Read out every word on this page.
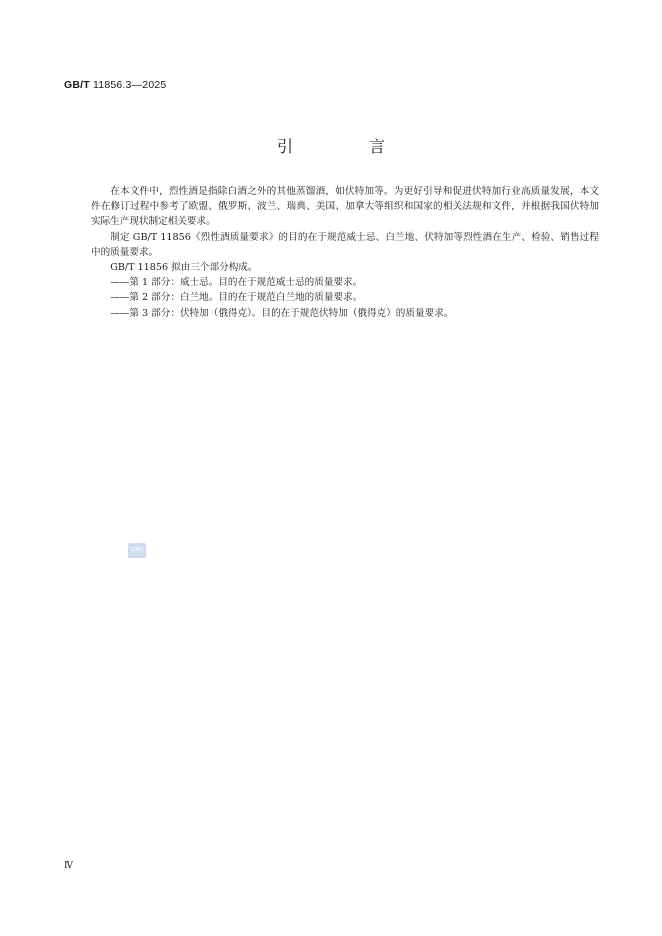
GB/T 11856.3—2025
引　言

在本文件中，烈性酒是指除白酒之外的其他蒸馏酒，如伏特加等。为更好引导和促进伏特加行业高质量发展，本文件在修订过程中参考了欧盟、俄罗斯、波兰、瑞典、美国、加拿大等组织和国家的相关法规和文件，并根据我国伏特加实际生产现状制定相关要求。

制定 GB/T 11856《烈性酒质量要求》的目的在于规范威士忌、白兰地、伏特加等烈性酒在生产、检验、销售过程中的质量要求。

GB/T 11856 拟由三个部分构成。

——第 1 部分：威士忌。目的在于规范威士忌的质量要求。

——第 2 部分：白兰地。目的在于规范白兰地的质量要求。

——第 3 部分：伏特加（俄得克）。目的在于规范伏特加（俄得克）的质量要求。

SDAC
Ⅳ
